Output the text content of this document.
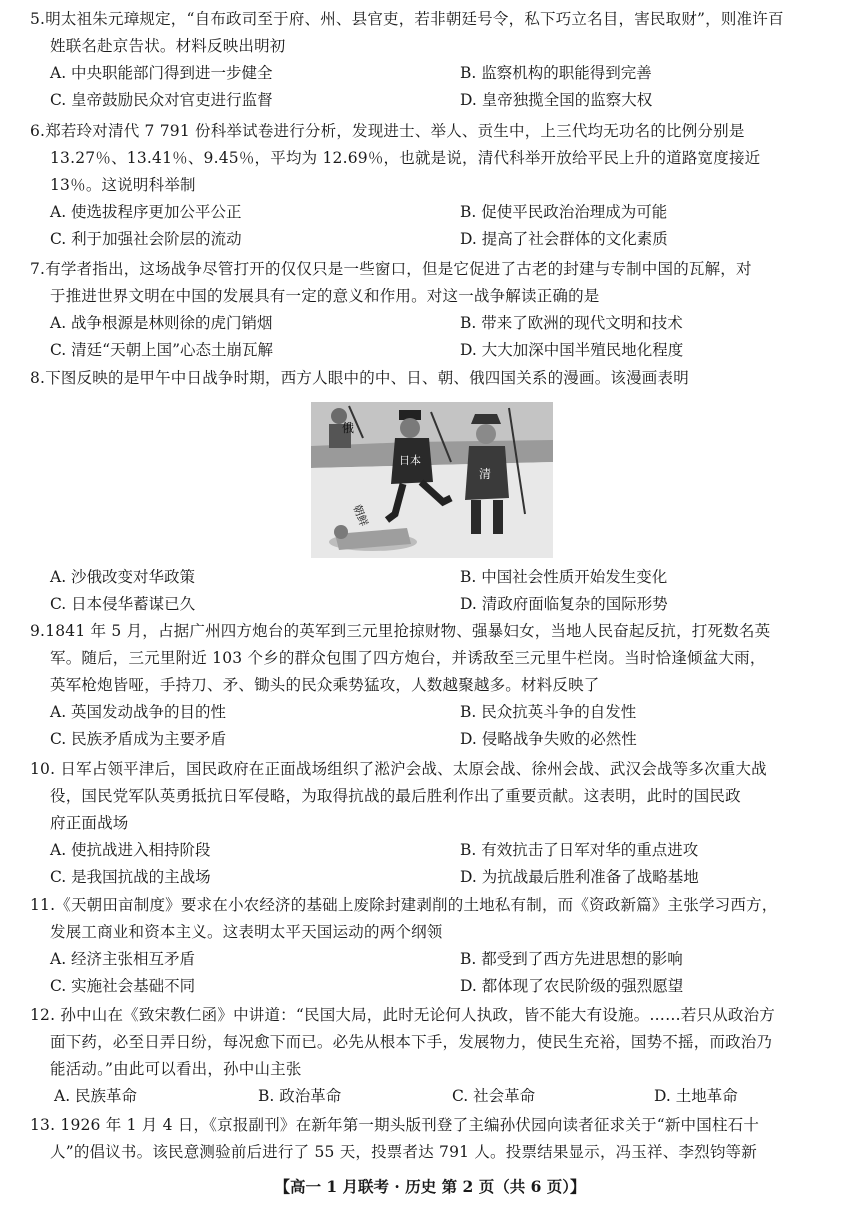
5.明太祖朱元璋规定，“自布政司至于府、州、县官吏，若非朝廷号令，私下巧立名目，害民取财”，则准许百
姓联名赴京告状。材料反映出明初
A. 中央职能部门得到进一步健全	B. 监察机构的职能得到完善
C. 皇帝鼓励民众对官吏进行监督	D. 皇帝独揽全国的监察大权
6.郑若玲对清代 7 791 份科举试卷进行分析，发现进士、举人、贡生中，上三代均无功名的比例分别是
13.27％、13.41％、9.45％，平均为 12.69％，也就是说，清代科举开放给平民上升的道路宽度接近
13％。这说明科举制
A. 使选拔程序更加公平公正	B. 促使平民政治治理成为可能
C. 利于加强社会阶层的流动	D. 提高了社会群体的文化素质
7.有学者指出，这场战争尽管打开的仅仅只是一些窗口，但是它促进了古老的封建与专制中国的瓦解，对
于推进世界文明在中国的发展具有一定的意义和作用。对这一战争解读正确的是
A. 战争根源是林则徐的虎门销烟	B. 带来了欧洲的现代文明和技术
C. 清廷“天朝上国”心态土崩瓦解	D. 大大加深中国半殖民地化程度
8.下图反映的是甲午中日战争时期，西方人眼中的中、日、朝、俄四国关系的漫画。该漫画表明
俄
日本
清
朝鲜
A. 沙俄改变对华政策	B. 中国社会性质开始发生变化
C. 日本侵华蓄谋已久	D. 清政府面临复杂的国际形势
9.1841 年 5 月，占据广州四方炮台的英军到三元里抢掠财物、强暴妇女，当地人民奋起反抗，打死数名英
军。随后，三元里附近 103 个乡的群众包围了四方炮台，并诱敌至三元里牛栏岗。当时恰逢倾盆大雨，
英军枪炮皆哑，手持刀、矛、锄头的民众乘势猛攻，人数越聚越多。材料反映了
A. 英国发动战争的目的性	B. 民众抗英斗争的自发性
C. 民族矛盾成为主要矛盾	D. 侵略战争失败的必然性
10. 日军占领平津后，国民政府在正面战场组织了淞沪会战、太原会战、徐州会战、武汉会战等多次重大战
役，国民党军队英勇抵抗日军侵略，为取得抗战的最后胜利作出了重要贡献。这表明，此时的国民政
府正面战场
A. 使抗战进入相持阶段	B. 有效抗击了日军对华的重点进攻
C. 是我国抗战的主战场	D. 为抗战最后胜利准备了战略基地
11.《天朝田亩制度》要求在小农经济的基础上废除封建剥削的土地私有制，而《资政新篇》主张学习西方，
发展工商业和资本主义。这表明太平天国运动的两个纲领
A. 经济主张相互矛盾	B. 都受到了西方先进思想的影响
C. 实施社会基础不同	D. 都体现了农民阶级的强烈愿望
12. 孙中山在《致宋教仁函》中讲道：“民国大局，此时无论何人执政，皆不能大有设施。……若只从政治方
面下药，必至日弄日纷，每况愈下而已。必先从根本下手，发展物力，使民生充裕，国势不摇，而政治乃
能活动。”由此可以看出，孙中山主张
A. 民族革命	B. 政治革命	C. 社会革命	D. 土地革命
13. 1926 年 1 月 4 日，《京报副刊》在新年第一期头版刊登了主编孙伏园向读者征求关于“新中国柱石十
人”的倡议书。该民意测验前后进行了 55 天，投票者达 791 人。投票结果显示，冯玉祥、李烈钧等新
【高一 1 月联考 · 历史 第 2 页（共 6 页）】
